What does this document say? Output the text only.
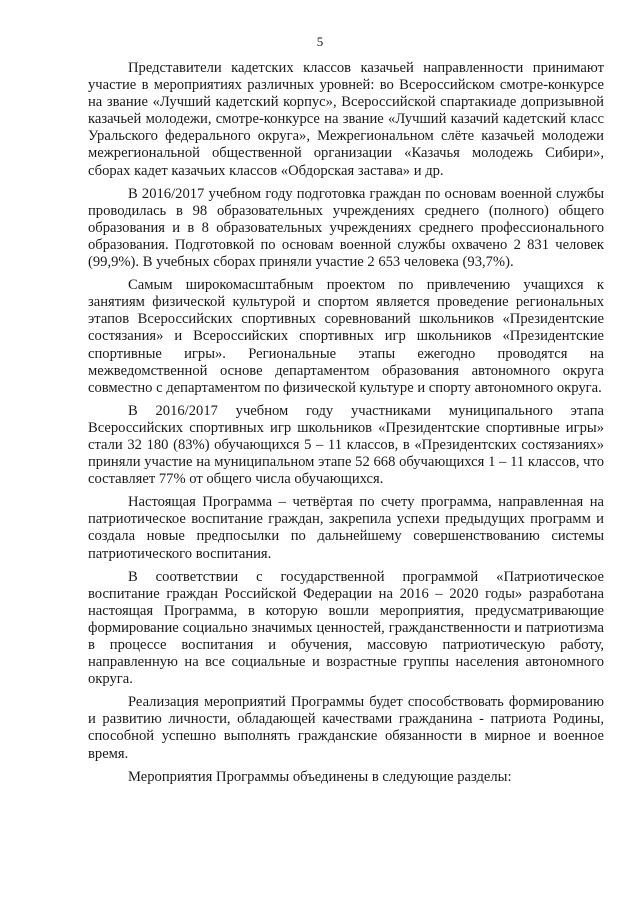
5

Представители кадетских классов казачьей направленности принимают участие в мероприятиях различных уровней: во Всероссийском смотре-конкурсе на звание «Лучший кадетский корпус», Всероссийской спартакиаде допризывной казачьей молодежи, смотре-конкурсе на звание «Лучший казачий кадетский класс Уральского федерального округа», Межрегиональном слёте казачьей молодежи межрегиональной общественной организации «Казачья молодежь Сибири», сборах кадет казачьих классов «Обдорская застава» и др.

В 2016/2017 учебном году подготовка граждан по основам военной службы проводилась в 98 образовательных учреждениях среднего (полного) общего образования и в 8 образовательных учреждениях среднего профессионального образования. Подготовкой по основам военной службы охвачено 2 831 человек (99,9%). В учебных сборах приняли участие 2 653 человека (93,7%).

Самым широкомасштабным проектом по привлечению учащихся к занятиям физической культурой и спортом является проведение региональных этапов Всероссийских спортивных соревнований школьников «Президентские состязания» и Всероссийских спортивных игр школьников «Президентские спортивные игры». Региональные этапы ежегодно проводятся на межведомственной основе департаментом образования автономного округа совместно с департаментом по физической культуре и спорту автономного округа.

В 2016/2017 учебном году участниками муниципального этапа Всероссийских спортивных игр школьников «Президентские спортивные игры» стали 32 180 (83%) обучающихся 5 – 11 классов, в «Президентских состязаниях» приняли участие на муниципальном этапе 52 668 обучающихся 1 – 11 классов, что составляет 77% от общего числа обучающихся.

Настоящая Программа – четвёртая по счету программа, направленная на патриотическое воспитание граждан, закрепила успехи предыдущих программ и создала новые предпосылки по дальнейшему совершенствованию системы патриотического воспитания.

В соответствии с государственной программой «Патриотическое воспитание граждан Российской Федерации на 2016 – 2020 годы» разработана настоящая Программа, в которую вошли мероприятия, предусматривающие формирование социально значимых ценностей, гражданственности и патриотизма в процессе воспитания и обучения, массовую патриотическую работу, направленную на все социальные и возрастные группы населения автономного округа.

Реализация мероприятий Программы будет способствовать формированию и развитию личности, обладающей качествами гражданина - патриота Родины, способной успешно выполнять гражданские обязанности в мирное и военное время.

Мероприятия Программы объединены в следующие разделы:
